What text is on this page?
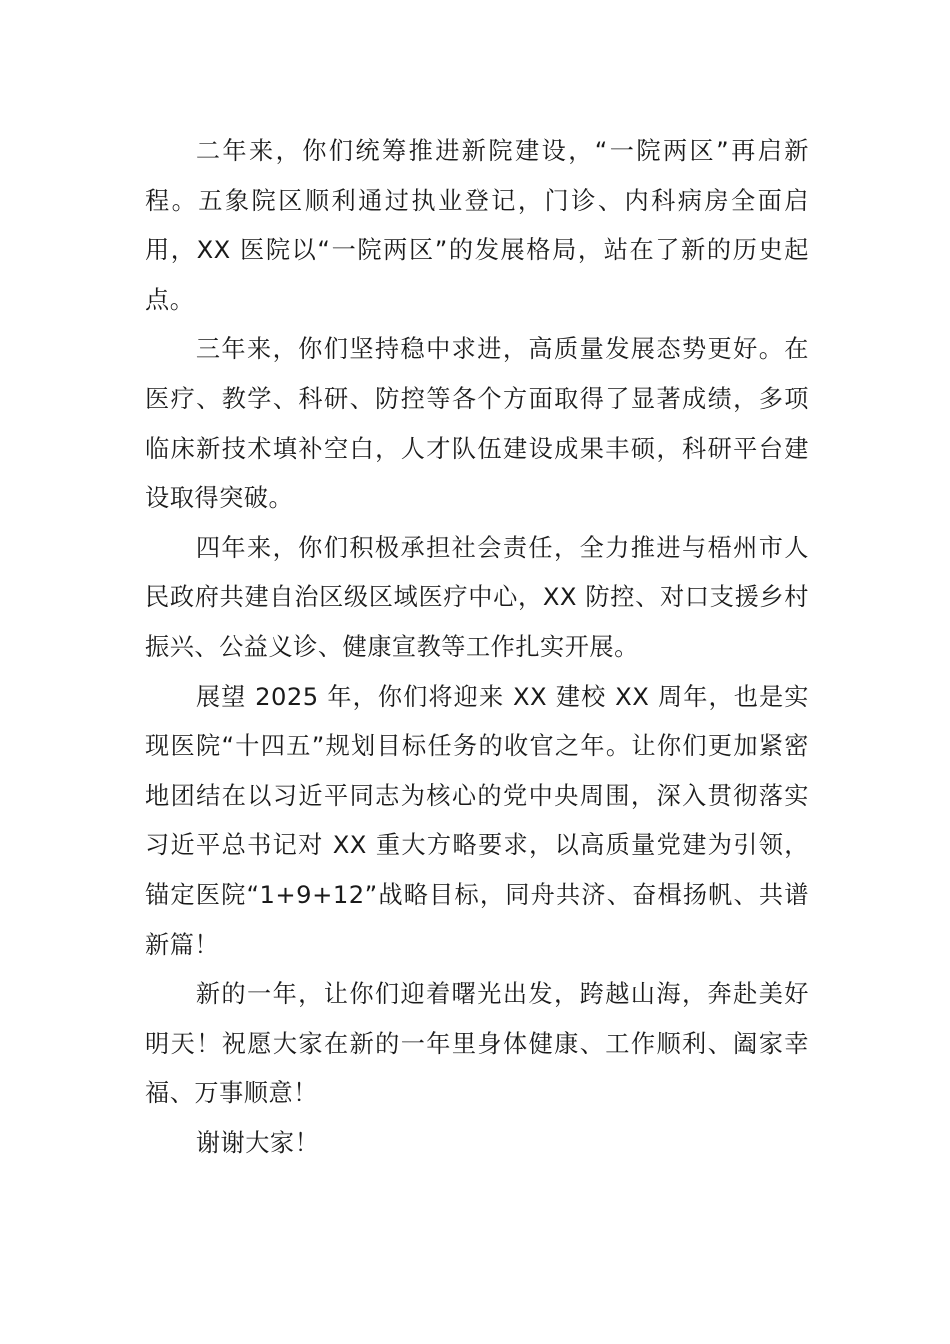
二年来，你们统筹推进新院建设，“一院两区”再启新程。五象院区顺利通过执业登记，门诊、内科病房全面启用，XX 医院以“一院两区”的发展格局，站在了新的历史起点。

三年来，你们坚持稳中求进，高质量发展态势更好。在医疗、教学、科研、防控等各个方面取得了显著成绩，多项临床新技术填补空白，人才队伍建设成果丰硕，科研平台建设取得突破。

四年来，你们积极承担社会责任，全力推进与梧州市人民政府共建自治区级区域医疗中心，XX 防控、对口支援乡村振兴、公益义诊、健康宣教等工作扎实开展。

展望 2025 年，你们将迎来 XX 建校 XX 周年，也是实现医院“十四五”规划目标任务的收官之年。让你们更加紧密地团结在以习近平同志为核心的党中央周围，深入贯彻落实习近平总书记对 XX 重大方略要求，以高质量党建为引领，锚定医院“1+9+12”战略目标，同舟共济、奋楫扬帆、共谱新篇！

新的一年，让你们迎着曙光出发，跨越山海，奔赴美好明天！祝愿大家在新的一年里身体健康、工作顺利、阖家幸福、万事顺意！

谢谢大家！
